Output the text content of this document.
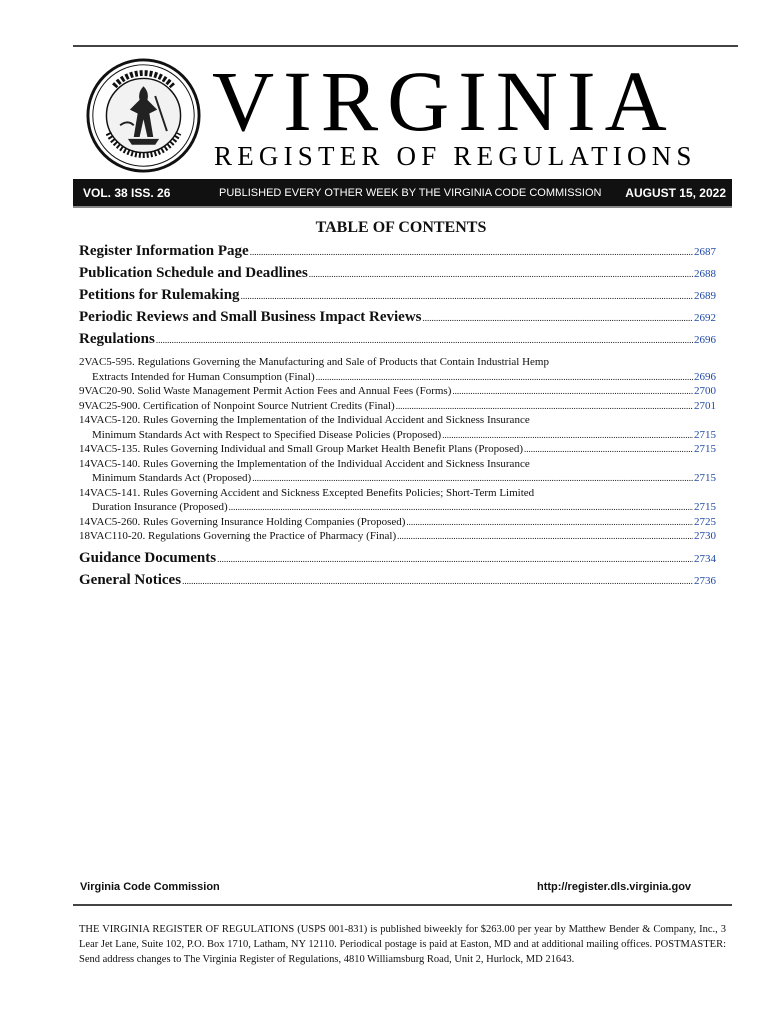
VIRGINIA
REGISTER OF REGULATIONS
VOL. 38 ISS. 26	PUBLISHED EVERY OTHER WEEK BY THE VIRGINIA CODE COMMISSION AUGUST 15, 2022
TABLE OF CONTENTS
Register Information Page .....	2687
Publication Schedule and Deadlines .....	2688
Petitions for Rulemaking .....	2689
Periodic Reviews and Small Business Impact Reviews .....	2692
Regulations .....	2696
2VAC5-595. Regulations Governing the Manufacturing and Sale of Products that Contain Industrial Hemp
Extracts Intended for Human Consumption (Final) .....	2696
9VAC20-90. Solid Waste Management Permit Action Fees and Annual Fees (Forms) .....	2700
9VAC25-900. Certification of Nonpoint Source Nutrient Credits (Final) .....	2701
14VAC5-120. Rules Governing the Implementation of the Individual Accident and Sickness Insurance
Minimum Standards Act with Respect to Specified Disease Policies (Proposed) .....	2715
14VAC5-135. Rules Governing Individual and Small Group Market Health Benefit Plans (Proposed) .....	2715
14VAC5-140. Rules Governing the Implementation of the Individual Accident and Sickness Insurance
Minimum Standards Act (Proposed) .....	2715
14VAC5-141. Rules Governing Accident and Sickness Excepted Benefits Policies; Short-Term Limited
Duration Insurance (Proposed) .....	2715
14VAC5-260. Rules Governing Insurance Holding Companies (Proposed) .....	2725
18VAC110-20. Regulations Governing the Practice of Pharmacy (Final) .....	2730
Guidance Documents .....	2734
General Notices .....	2736
Virginia Code Commission	http://register.dls.virginia.gov
THE VIRGINIA REGISTER OF REGULATIONS (USPS 001-831) is published biweekly for $263.00 per year by Matthew Bender & Company, Inc., 3 Lear Jet Lane, Suite 102, P.O. Box 1710, Latham, NY 12110. Periodical postage is paid at Easton, MD and at additional mailing offices. POSTMASTER: Send address changes to The Virginia Register of Regulations, 4810 Williamsburg Road, Unit 2, Hurlock, MD 21643.
